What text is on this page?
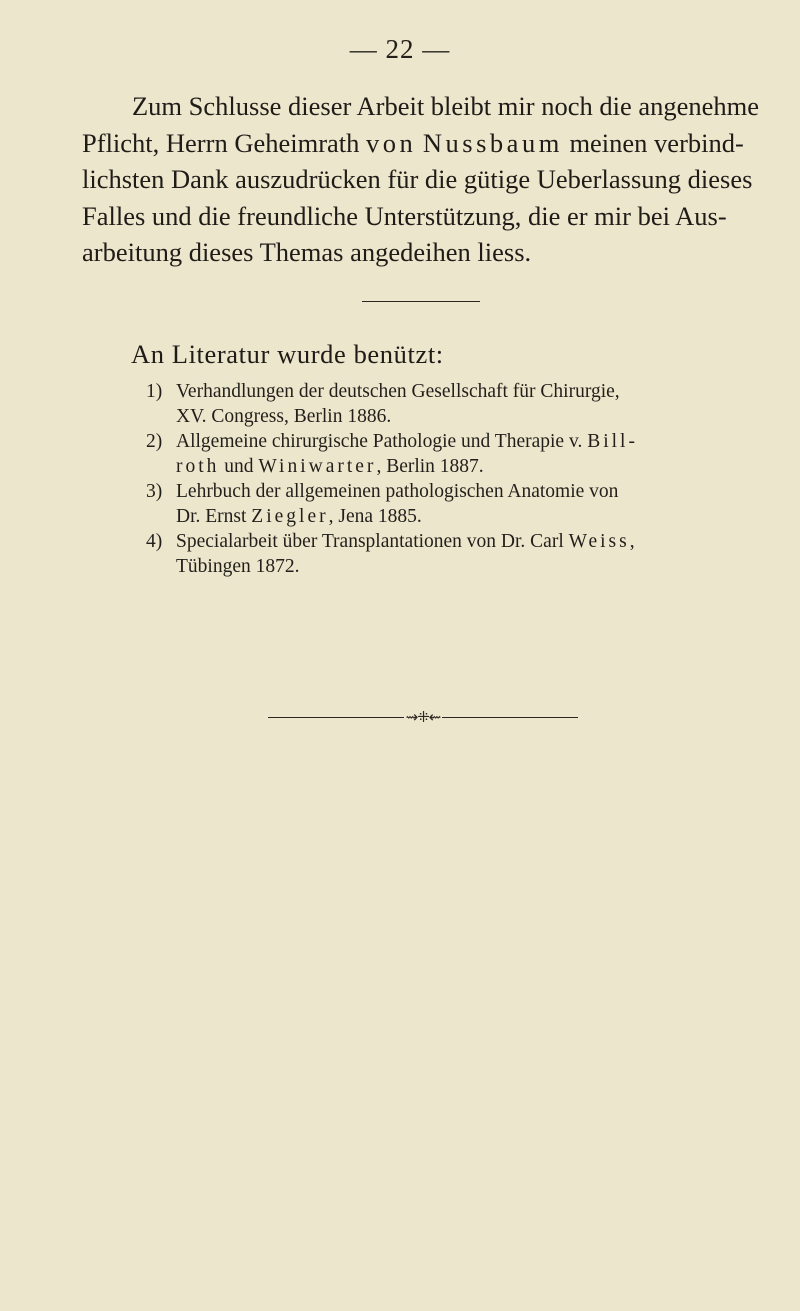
— 22 —
Zum Schlusse dieser Arbeit bleibt mir noch die angenehme
Pflicht, Herrn Geheimrath von Nussbaum meinen verbind-
lichsten Dank auszudrücken für die gütige Ueberlassung dieses
Falles und die freundliche Unterstützung, die er mir bei Aus-
arbeitung dieses Themas angedeihen liess.
An Literatur wurde benützt:
1) Verhandlungen der deutschen Gesellschaft für Chirurgie,
XV. Congress, Berlin 1886.
2) Allgemeine chirurgische Pathologie und Therapie v. Bill-
roth und Winiwarter, Berlin 1887.
3) Lehrbuch der allgemeinen pathologischen Anatomie von
Dr. Ernst Ziegler, Jena 1885.
4) Specialarbeit über Transplantationen von Dr. Carl Weiss,
Tübingen 1872.
⇝⁜⇜
